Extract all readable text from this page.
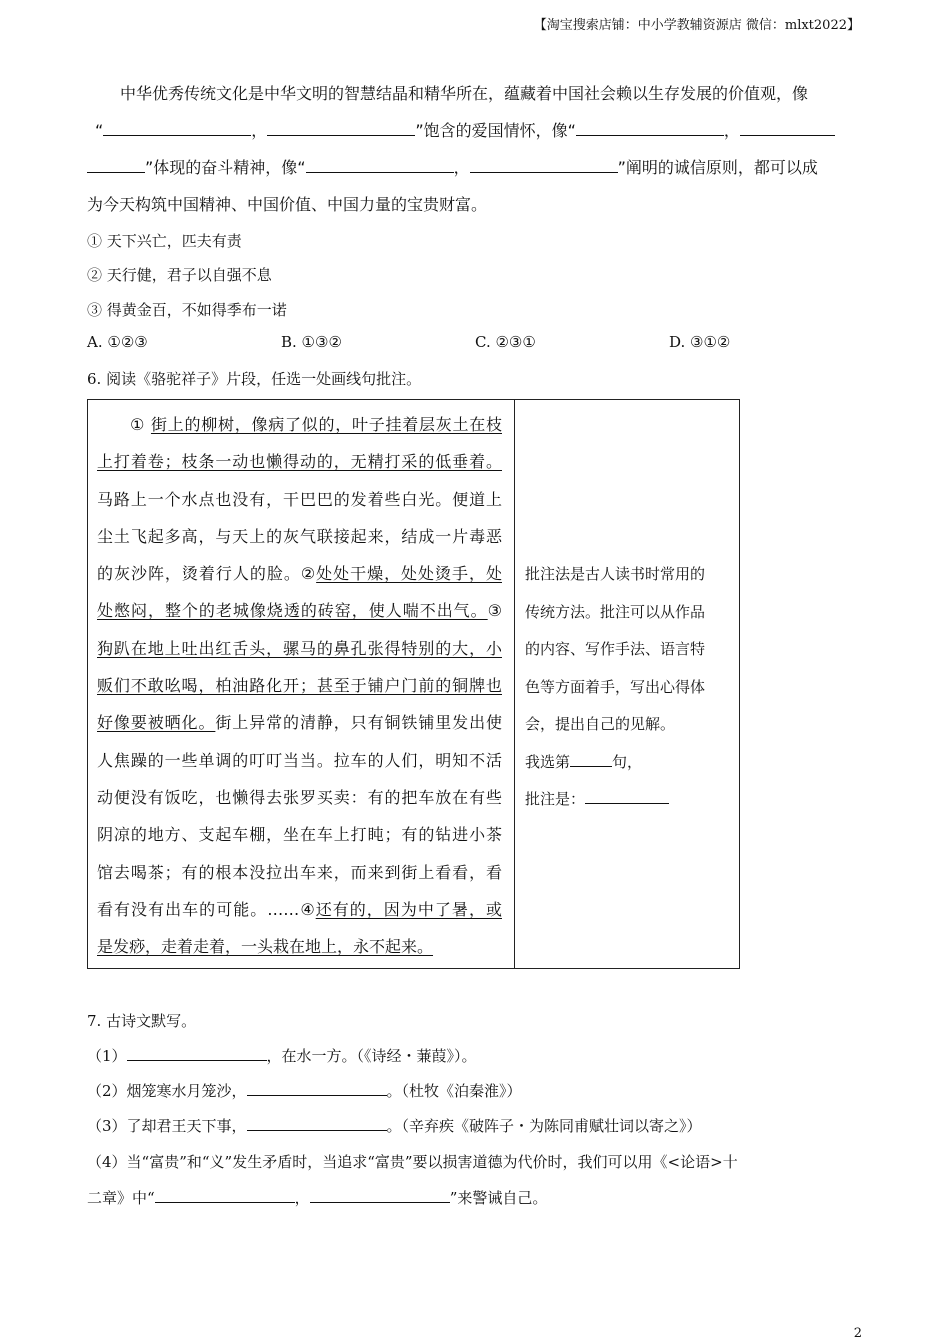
【淘宝搜索店铺：中小学教辅资源店 微信：mlxt2022】
中华优秀传统文化是中华文明的智慧结晶和精华所在，蕴藏着中国社会赖以生存发展的价值观，像
“	，	”饱含的爱国情怀，像“	，
”体现的奋斗精神，像“	，	”阐明的诚信原则，都可以成
为今天构筑中国精神、中国价值、中国力量的宝贵财富。
① 天下兴亡，匹夫有责
② 天行健，君子以自强不息
③ 得黄金百，不如得季布一诺
A. ①②③	B. ①③②	C. ②③①	D. ③①②
6. 阅读《骆驼祥子》片段，任选一处画线句批注。
① 街上的柳树，像病了似的，叶子挂着层灰土在枝
上打着卷；枝条一动也懒得动的，无精打采的低垂着。
马路上一个水点也没有，干巴巴的发着些白光。便道上
尘土飞起多高，与天上的灰气联接起来，结成一片毒恶
的灰沙阵，烫着行人的脸。②处处干燥，处处烫手，处
处憋闷，整个的老城像烧透的砖窑，使人喘不出气。③
狗趴在地上吐出红舌头，骡马的鼻孔张得特别的大，小
贩们不敢吆喝，柏油路化开；甚至于铺户门前的铜牌也
好像要被晒化。街上异常的清静，只有铜铁铺里发出使
人焦躁的一些单调的叮叮当当。拉车的人们，明知不活
动便没有饭吃，也懒得去张罗买卖：有的把车放在有些
阴凉的地方、支起车棚，坐在车上打盹；有的钻进小茶
馆去喝茶；有的根本没拉出车来，而来到街上看看，看
看有没有出车的可能。……④还有的，因为中了暑，或
是发痧，走着走着，一头栽在地上，永不起来。
批注法是古人读书时常用的
传统方法。批注可以从作品
的内容、写作手法、语言特
色等方面着手，写出心得体
会，提出自己的见解。
我选第	句，
批注是：
7. 古诗文默写。
（1）	，在水一方。（《诗经・蒹葭》）。
（2）烟笼寒水月笼沙，	。（杜牧《泊秦淮》）
（3）了却君王天下事，	。（辛弃疾《破阵子・为陈同甫赋壮词以寄之》）
（4）当“富贵”和“义”发生矛盾时，当追求“富贵”要以损害道德为代价时，我们可以用《<论语>十
二章》中“	，	”来警诫自己。
2
